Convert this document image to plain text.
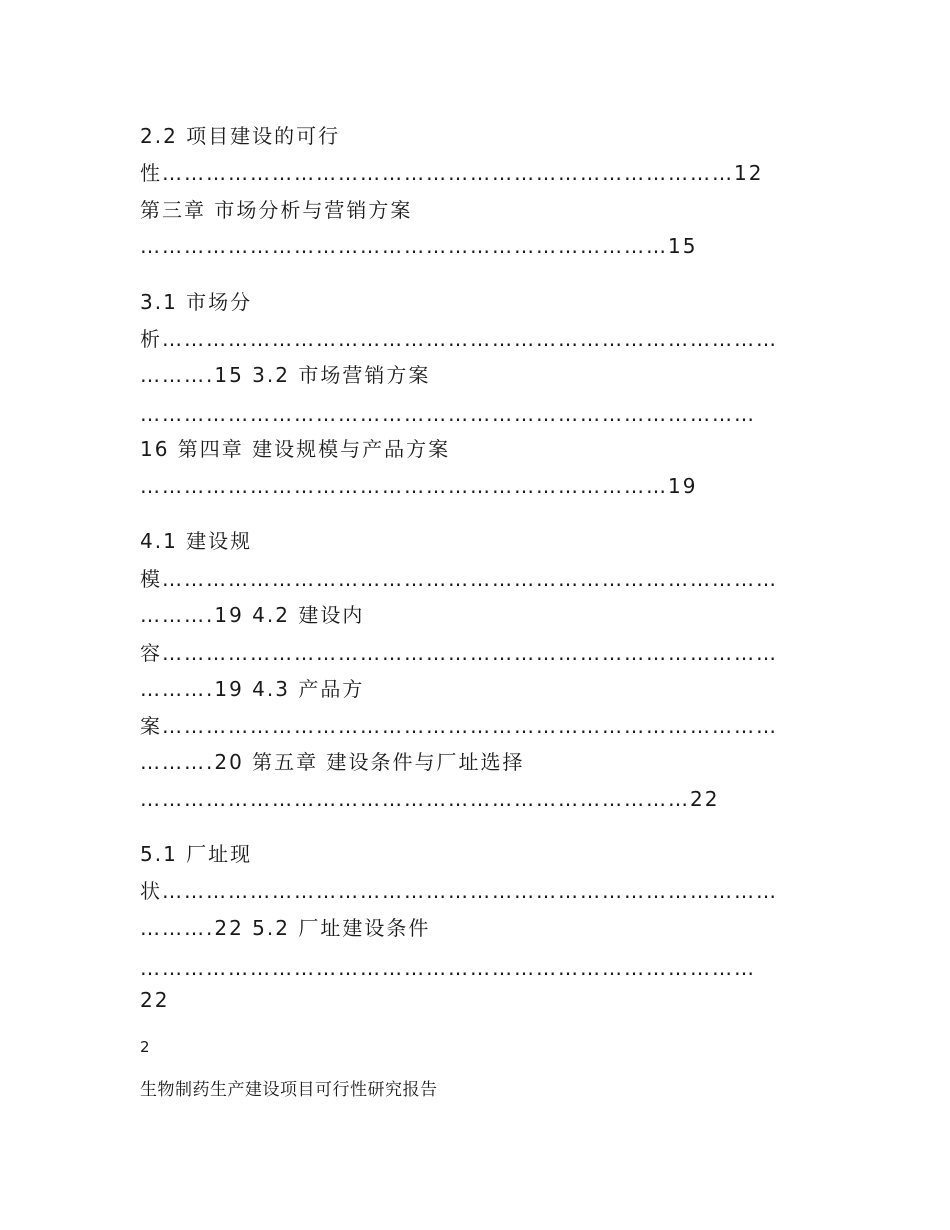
2.2 项目建设的可行
性……………………………………………………………………12
第三章 市场分析与营销方案
………………………………………………………………15
3.1 市场分
析…………………………………………………………………………
……….15 3.2 市场营销方案
…………………………………………………………………………
16 第四章 建设规模与产品方案
………………………………………………………………19
4.1 建设规
模…………………………………………………………………………
……….19 4.2 建设内
容…………………………………………………………………………
……….19 4.3 产品方
案…………………………………………………………………………
……….20 第五章 建设条件与厂址选择
…………………………………………………………………22
5.1 厂址现
状…………………………………………………………………………
……….22 5.2 厂址建设条件
…………………………………………………………………………
22
2
生物制药生产建设项目可行性研究报告
